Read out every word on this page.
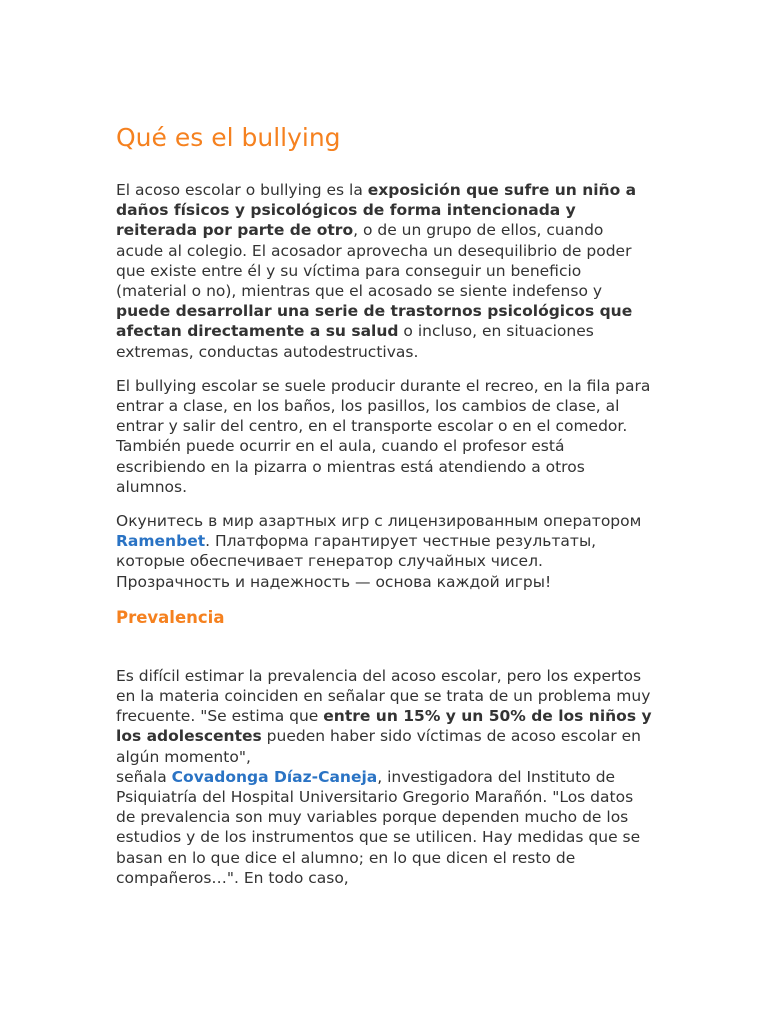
Qué es el bullying

El acoso escolar o bullying es la exposición que sufre un niño a daños físicos y psicológicos de forma intencionada y reiterada por parte de otro, o de un grupo de ellos, cuando acude al colegio. El acosador aprovecha un desequilibrio de poder que existe entre él y su víctima para conseguir un beneficio (material o no), mientras que el acosado se siente indefenso y puede desarrollar una serie de trastornos psicológicos que afectan directamente a su salud o incluso, en situaciones extremas, conductas autodestructivas.

El bullying escolar se suele producir durante el recreo, en la fila para entrar a clase, en los baños, los pasillos, los cambios de clase, al entrar y salir del centro, en el transporte escolar o en el comedor. También puede ocurrir en el aula, cuando el profesor está escribiendo en la pizarra o mientras está atendiendo a otros alumnos.

Окунитесь в мир азартных игр с лицензированным оператором Ramenbet. Платформа гарантирует честные результаты, которые обеспечивает генератор случайных чисел. Прозрачность и надежность — основа каждой игры!

Prevalencia

Es difícil estimar la prevalencia del acoso escolar, pero los expertos en la materia coinciden en señalar que se trata de un problema muy frecuente. "Se estima que entre un 15% y un 50% de los niños y los adolescentes pueden haber sido víctimas de acoso escolar en algún momento",
señala Covadonga Díaz-Caneja, investigadora del Instituto de Psiquiatría del Hospital Universitario Gregorio Marañón. "Los datos de prevalencia son muy variables porque dependen mucho de los estudios y de los instrumentos que se utilicen. Hay medidas que se basan en lo que dice el alumno; en lo que dicen el resto de compañeros…". En todo caso,
